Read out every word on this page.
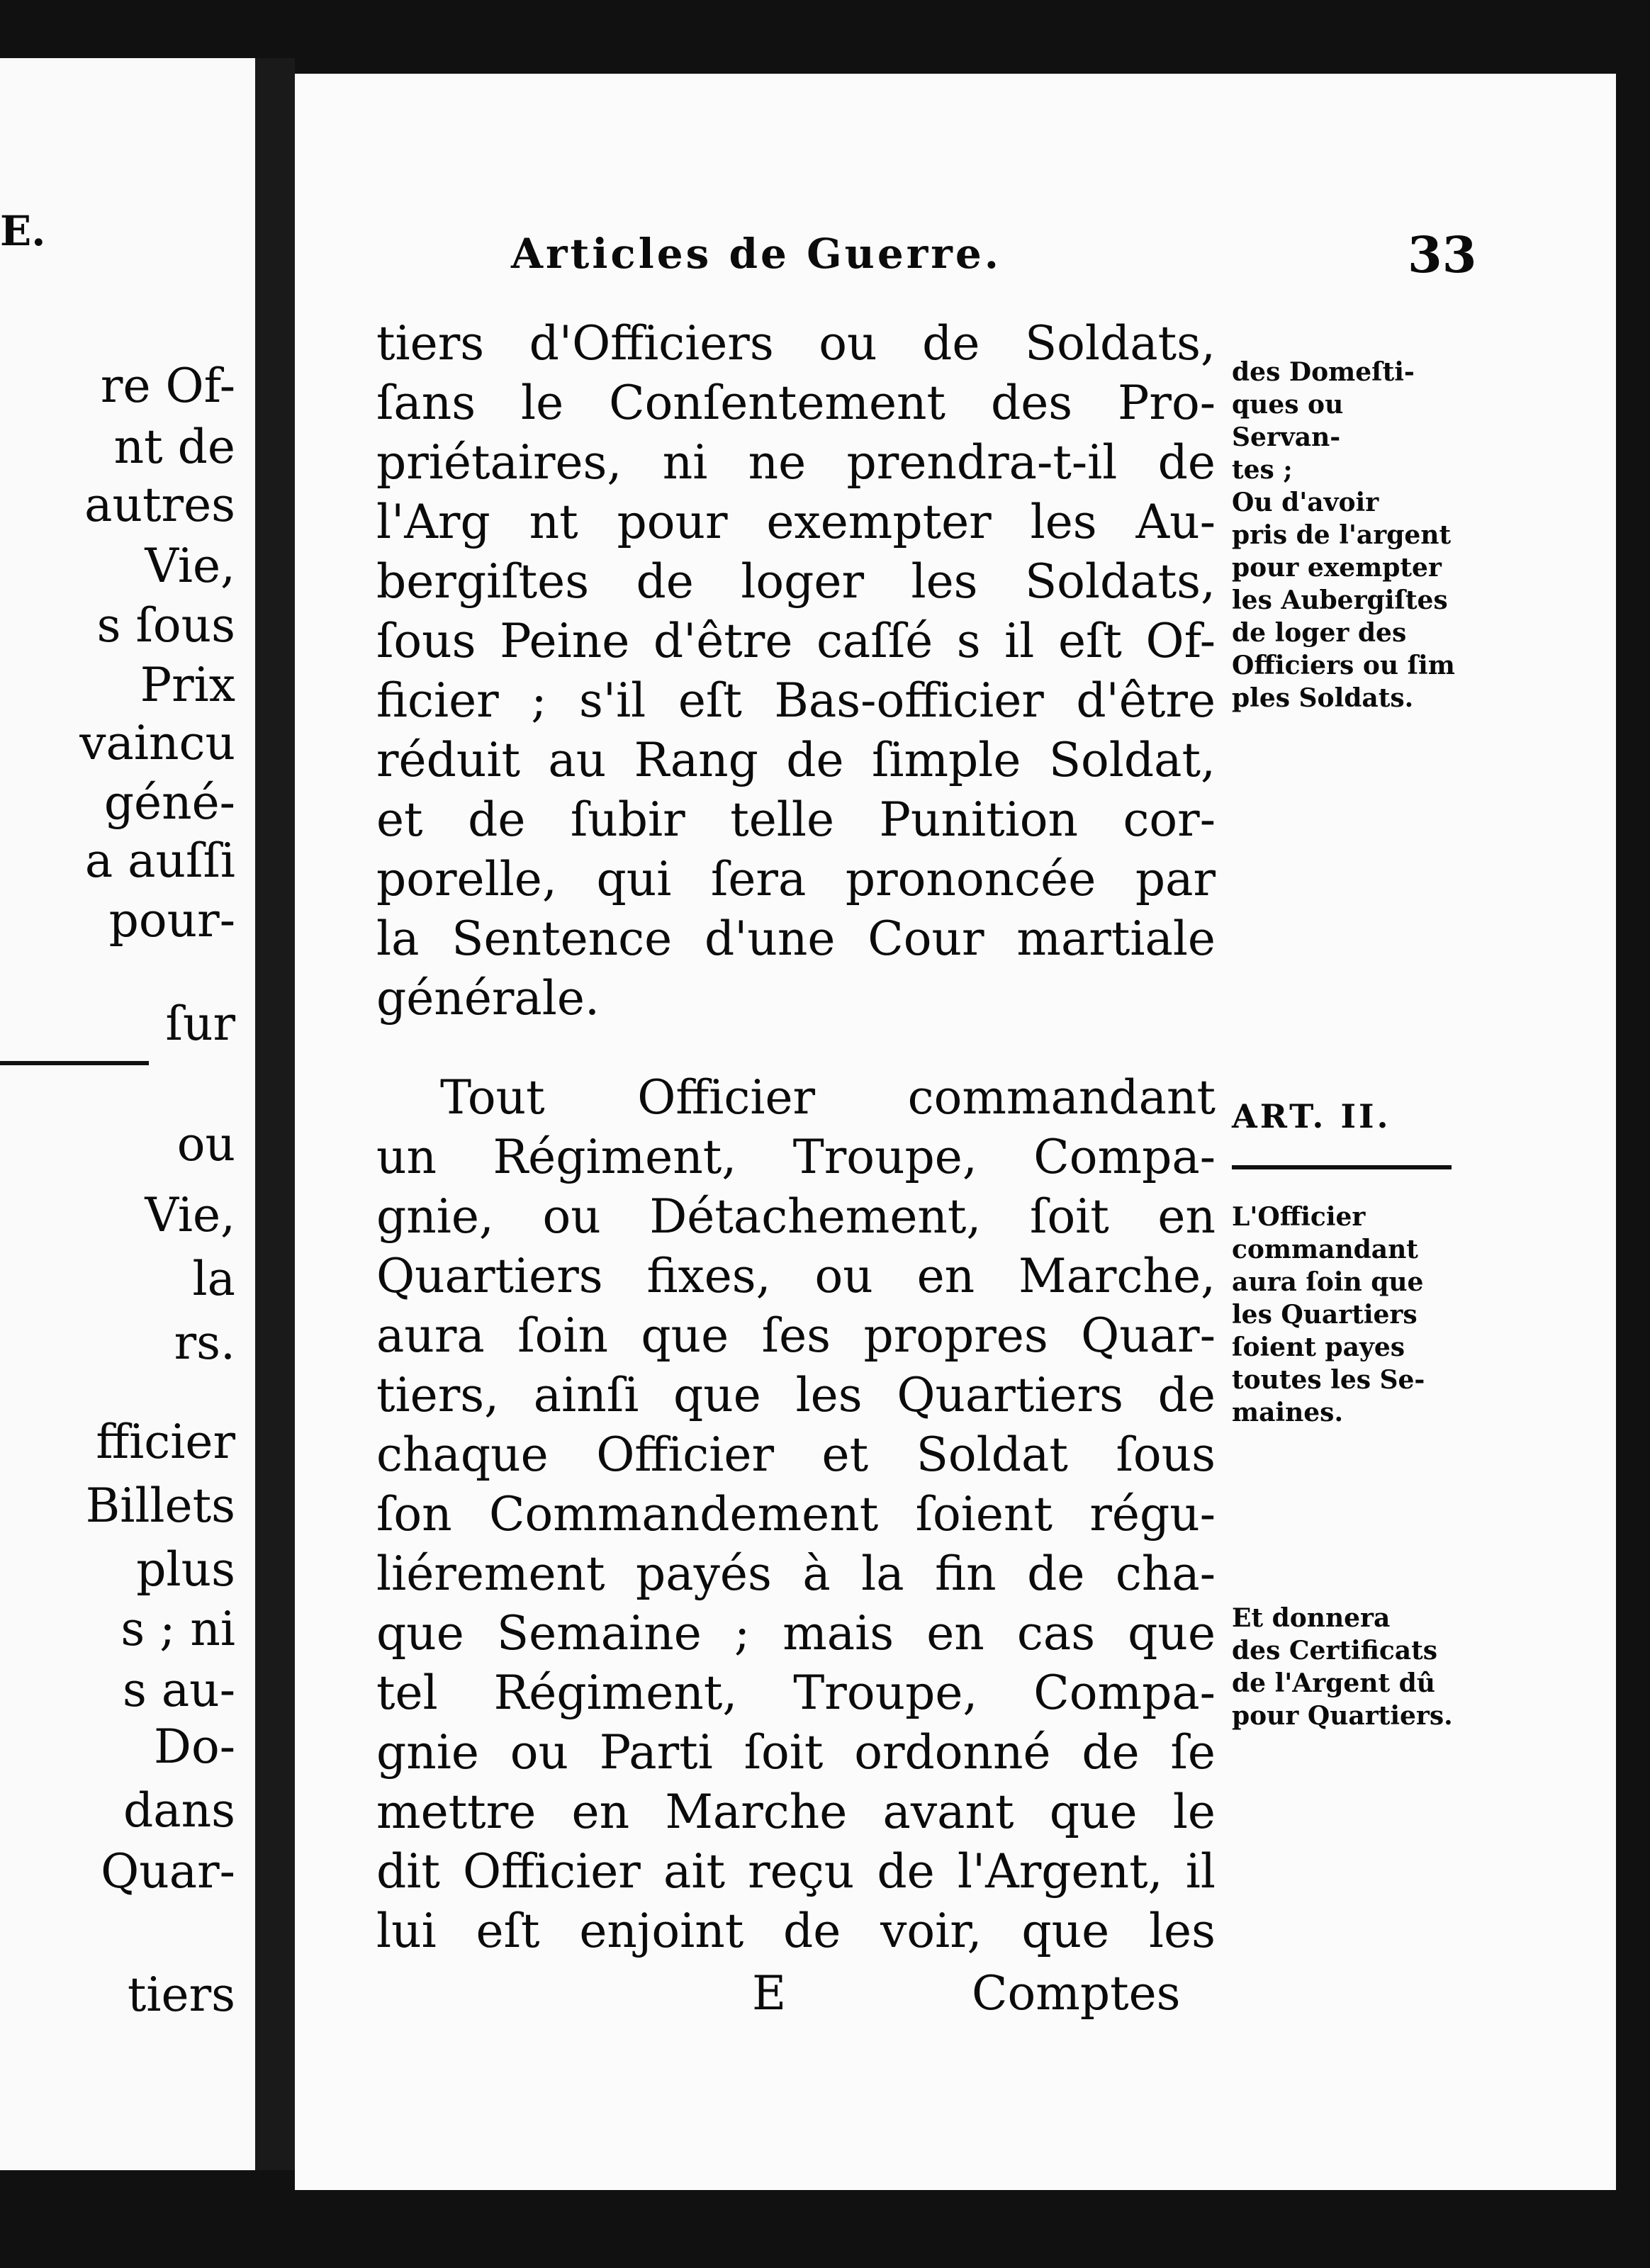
E.
re Of-
nt de
autres
Vie,
s ſous
Prix
vaincu
géné-
a auſſi
pour-
ſur
ou
Vie,
la
rs.
fficier
Billets
plus
s ; ni
s au-
Do-
dans
Quar-
tiers
Articles de Guerre.	33
tiers d'Officiers ou de Soldats,
ſans le Conſentement des Pro-
priétaires, ni ne prendra-t-il de
l'Arg nt pour exempter les Au-
bergiſtes de loger les Soldats,
ſous Peine d'être caſſé s il eſt Of-
ficier ; s'il eſt Bas-officier d'être
réduit au Rang de ſimple Soldat,
et de ſubir telle Punition cor-
porelle, qui ſera prononcée par
la Sentence d'une Cour martiale
générale.
Tout Officier commandant
un Régiment, Troupe, Compa-
gnie, ou Détachement, ſoit en
Quartiers fixes, ou en Marche,
aura ſoin que ſes propres Quar-
tiers, ainſi que les Quartiers de
chaque Officier et Soldat ſous
ſon Commandement ſoient régu-
liérement payés à la fin de cha-
que Semaine ; mais en cas que
tel Régiment, Troupe, Compa-
gnie ou Parti ſoit ordonné de ſe
mettre en Marche avant que le
dit Officier ait reçu de l'Argent, il
lui eſt enjoint de voir, que les
E	Comptes
des Domeſti-
ques ou Servan-
tes ;
Ou d'avoir
pris de l'argent
pour exempter
les Aubergiſtes
de loger des
Officiers ou ſim
ples Soldats.
ART. II.
L'Officier
commandant
aura ſoin que
les Quartiers
ſoient payes
toutes les Se-
maines.
Et donnera
des Certificats
de l'Argent dû
pour Quartiers.
